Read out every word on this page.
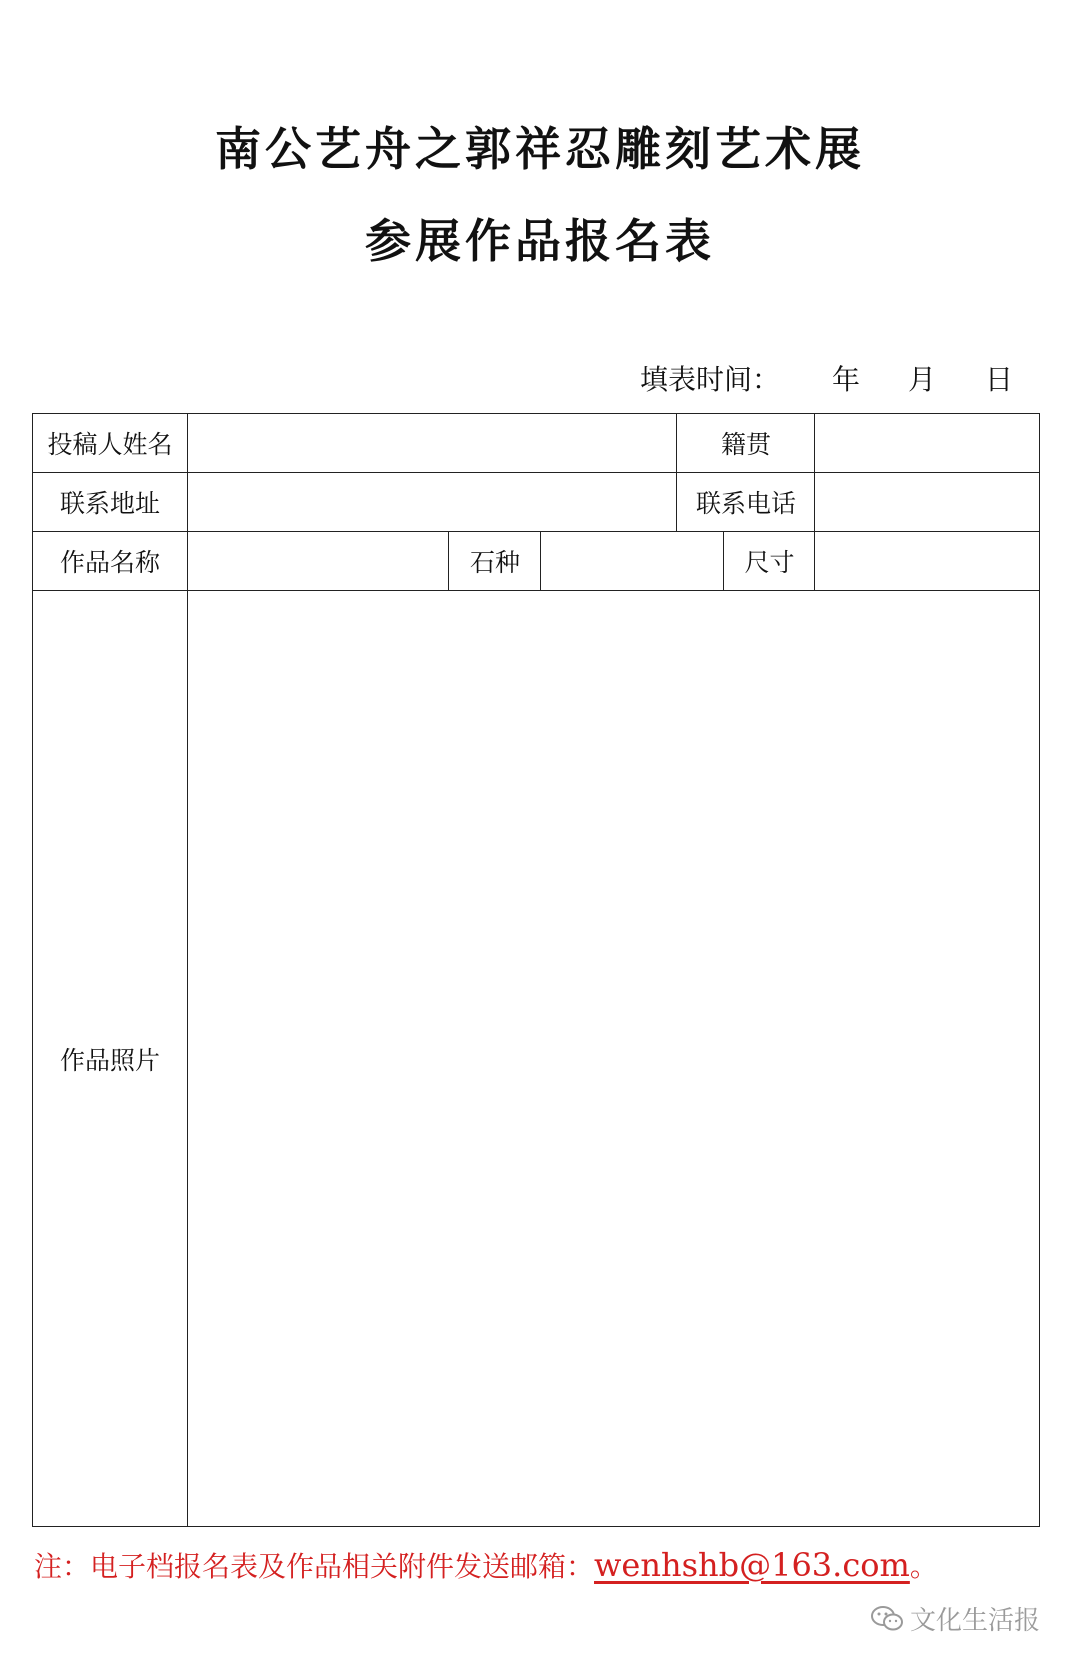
南公艺舟之郭祥忍雕刻艺术展
参展作品报名表
填表时间： 年 月 日
投稿人姓名	籍贯
联系地址	联系电话
作品名称	石种	尺寸
作品照片
注：电子档报名表及作品相关附件发送邮箱：wenhshb@163.com。
文化生活报
